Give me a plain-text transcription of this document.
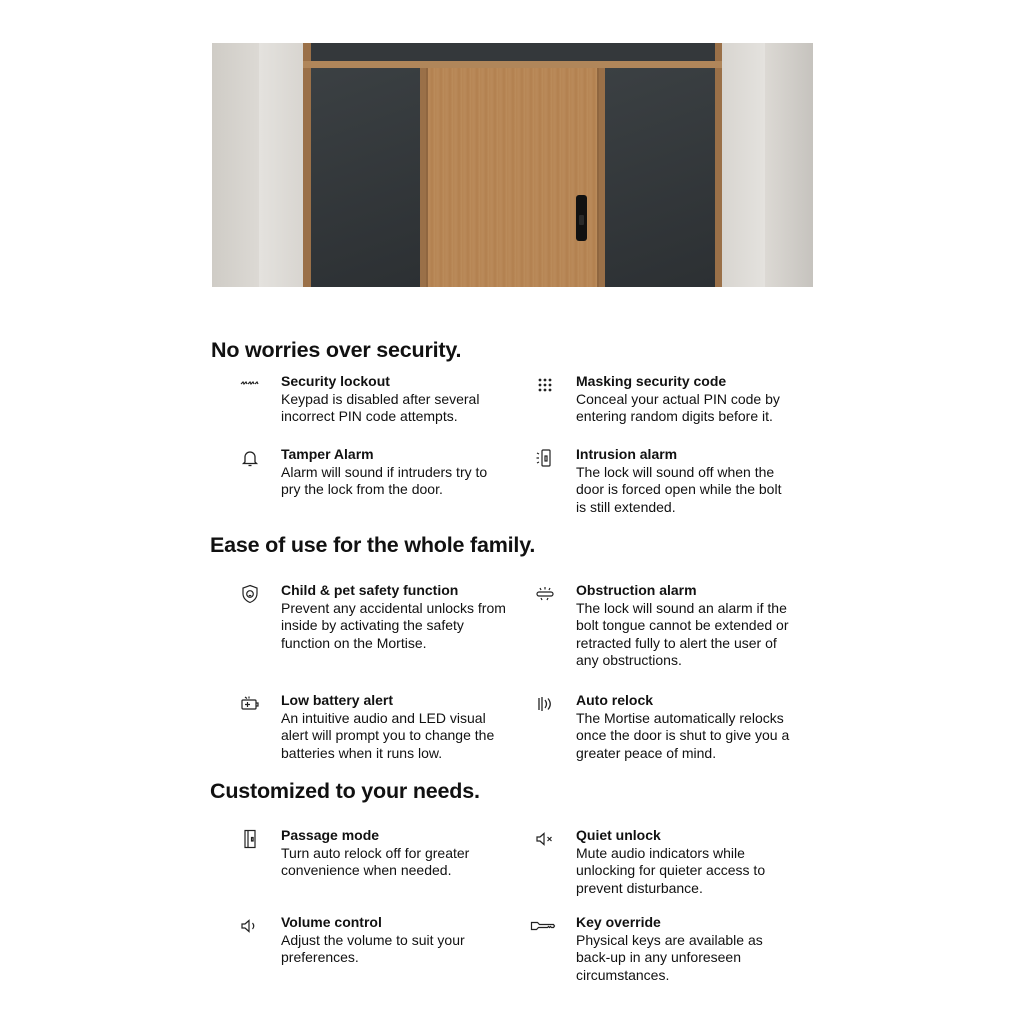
No worries over security.
Security lockout
Keypad is disabled after several incorrect PIN code attempts.
Masking security code
Conceal your actual PIN code by entering random digits before it.
Tamper Alarm
Alarm will sound if intruders try to pry the lock from the door.
Intrusion alarm
The lock will sound off when the door is forced open while the bolt is still extended.
Ease of use for the whole family.
Child & pet safety function
Prevent any accidental unlocks from inside by activating the safety function on the Mortise.
Obstruction alarm
The lock will sound an alarm if the bolt tongue cannot be extended or retracted fully to alert the user of any obstructions.
Low battery alert
An intuitive audio and LED visual alert will prompt you to change the batteries when it runs low.
Auto relock
The Mortise automatically relocks once the door is shut to give you a greater peace of mind.
Customized to your needs.
Passage mode
Turn auto relock off for greater convenience when needed.
Quiet unlock
Mute audio indicators while unlocking for quieter access to prevent disturbance.
Volume control
Adjust the volume to suit your preferences.
Key override
Physical keys are available as back-up in any unforeseen circumstances.
